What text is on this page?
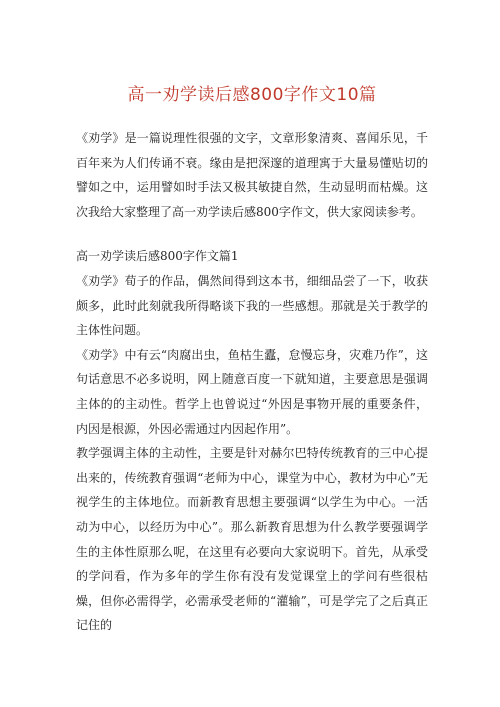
高一劝学读后感800字作文10篇

《劝学》是一篇说理性很强的文字，文章形象清爽、喜闻乐见，千百年来为人们传诵不衰。缘由是把深邃的道理寓于大量易懂贴切的譬如之中，运用譬如时手法又极其敏捷自然，生动显明而枯燥。这次我给大家整理了高一劝学读后感800字作文，供大家阅读参考。

高一劝学读后感800字作文篇1

《劝学》荀子的作品，偶然间得到这本书，细细品尝了一下，收获颇多，此时此刻就我所得略谈下我的一些感想。那就是关于教学的主体性问题。

《劝学》中有云“肉腐出虫，鱼枯生蠹，怠慢忘身，灾难乃作”，这句话意思不必多说明，网上随意百度一下就知道，主要意思是强调主体的的主动性。哲学上也曾说过“外因是事物开展的重要条件，内因是根源，外因必需通过内因起作用”。

教学强调主体的主动性，主要是针对赫尔巴特传统教育的三中心提出来的，传统教育强调“老师为中心，课堂为中心，教材为中心”无视学生的主体地位。而新教育思想主要强调“以学生为中心。一活动为中心，以经历为中心”。那么新教育思想为什么教学要强调学生的主体性原那么呢，在这里有必要向大家说明下。首先，从承受的学问看，作为多年的学生你有没有发觉课堂上的学问有些很枯燥，但你必需得学，必需承受老师的“灌输”，可是学完了之后真正记住的
